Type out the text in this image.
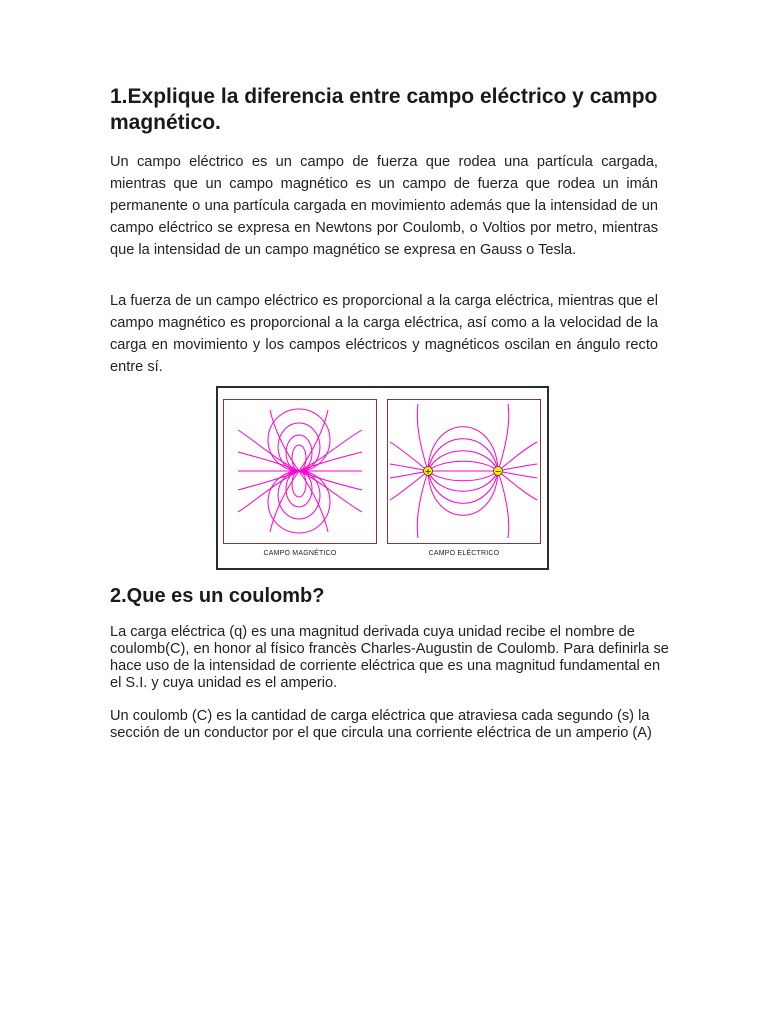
1.Explique la diferencia entre campo eléctrico y campo magnético.

Un campo eléctrico es un campo de fuerza que rodea una partícula cargada, mientras que un campo magnético es un campo de fuerza que rodea un imán permanente o una partícula cargada en movimiento además que la intensidad de un campo eléctrico se expresa en Newtons por Coulomb, o Voltios por metro, mientras que la intensidad de un campo magnético se expresa en Gauss o Tesla.

La fuerza de un campo eléctrico es proporcional a la carga eléctrica, mientras que el campo magnético es proporcional a la carga eléctrica, así como a la velocidad de la carga en movimiento y los campos eléctricos y magnéticos oscilan en ángulo recto entre sí.

+	−
CAMPO MAGNÉTICO	CAMPO ELÉCTRICO
2.Que es un coulomb?

La carga eléctrica (q) es una magnitud derivada cuya unidad recibe el nombre de coulomb(C), en honor al físico francès Charles-Augustin de Coulomb. Para definirla se hace uso de la intensidad de corriente eléctrica que es una magnitud fundamental en el S.I. y cuya unidad es el amperio.

Un coulomb (C) es la cantidad de carga eléctrica que atraviesa cada segundo (s) la sección de un conductor por el que circula una corriente eléctrica de un amperio (A)
